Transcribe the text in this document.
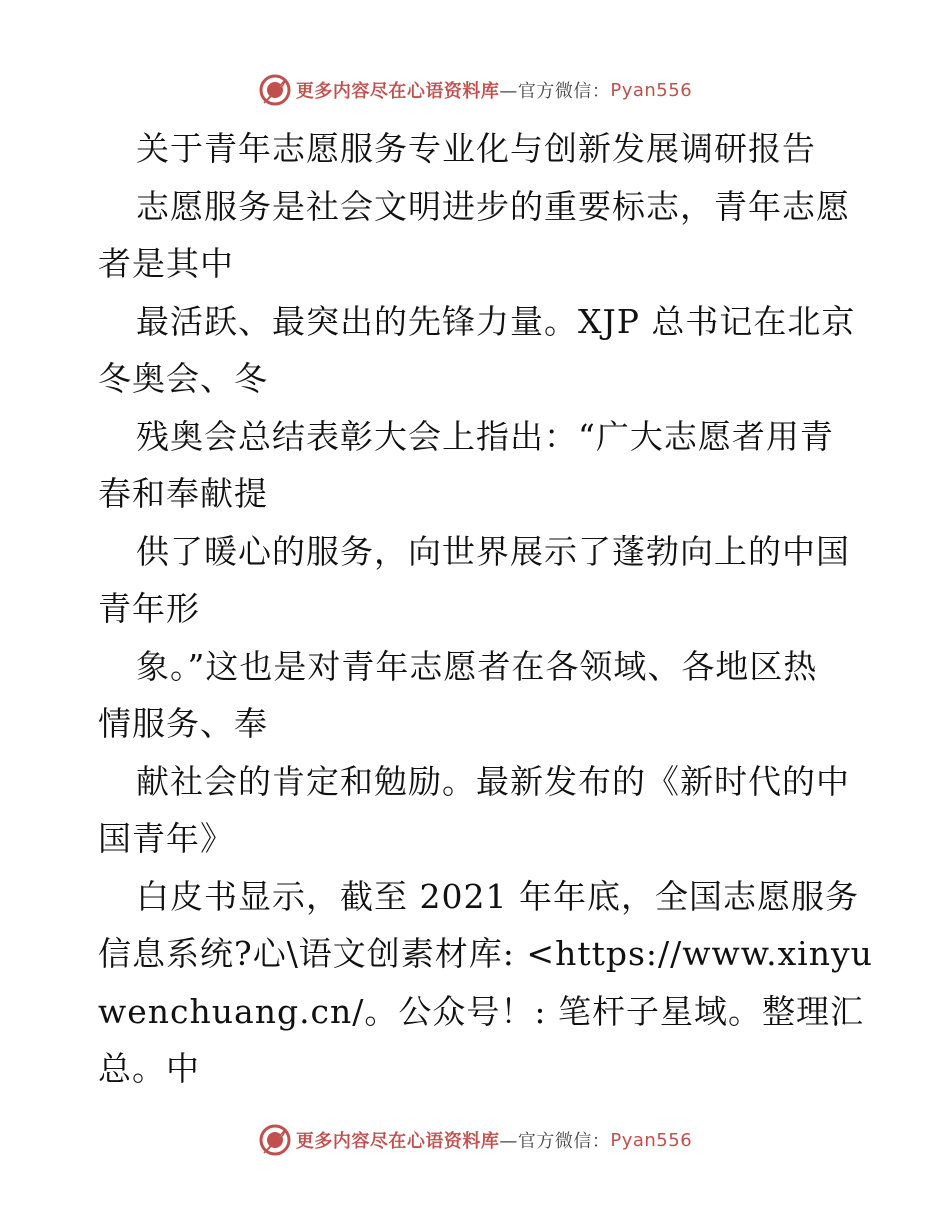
更多内容尽在心语资料库 —官方微信： Pyan556
关于青年志愿服务专业化与创新发展调研报告
志愿服务是社会文明进步的重要标志，青年志愿
者是其中
最活跃、最突出的先锋力量。XJP 总书记在北京
冬奥会、冬
残奥会总结表彰大会上指出：“广大志愿者用青
春和奉献提
供了暖心的服务，向世界展示了蓬勃向上的中国
青年形
象。”这也是对青年志愿者在各领域、各地区热
情服务、奉
献社会的肯定和勉励。最新发布的《新时代的中
国青年》
白皮书显示，截至 2021 年年底，全国志愿服务
信息系统?心\语文创素材库: <https://www.xinyu
wenchuang.cn/。公众号！: 笔杆子星域。整理汇
总。中
更多内容尽在心语资料库 —官方微信： Pyan556
